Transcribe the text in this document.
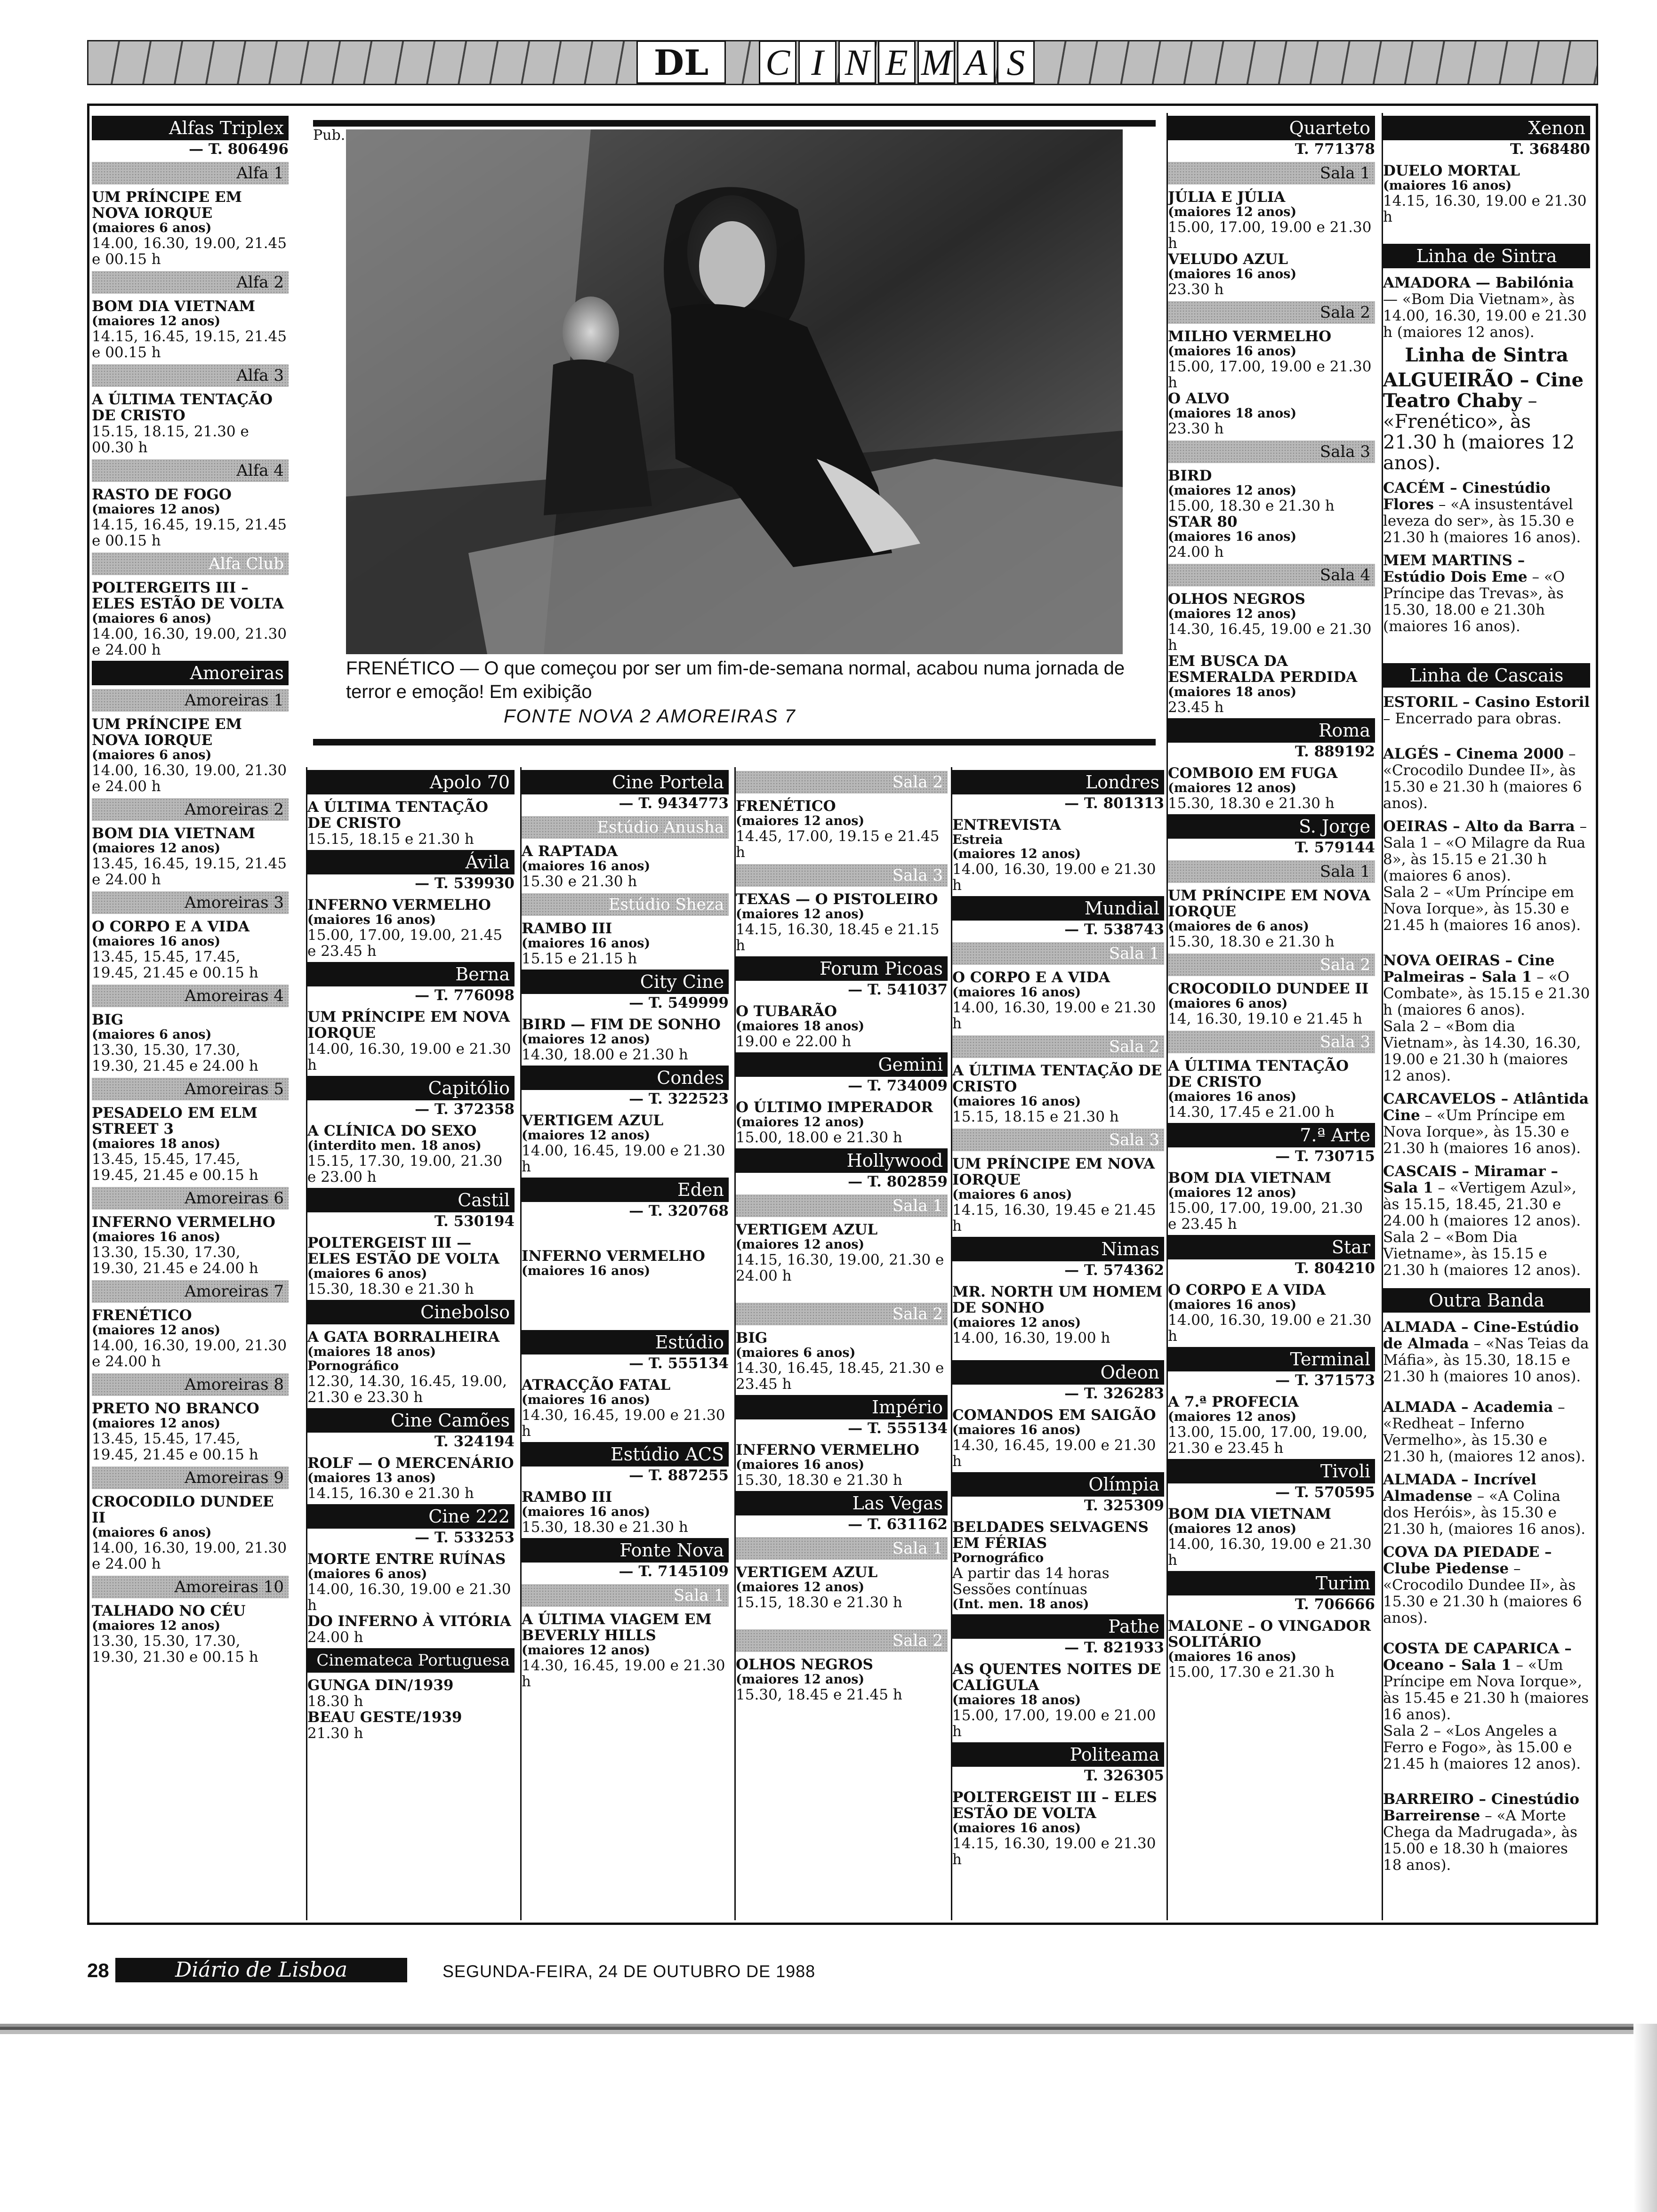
DL	C I N E M A S
Alfas Triplex
— T. 806496
Alfa 1
UM PRÍNCIPE EM NOVA IORQUE
(maiores 6 anos)
14.00, 16.30, 19.00, 21.45 e 00.15 h
Alfa 2
BOM DIA VIETNAM
(maiores 12 anos)
14.15, 16.45, 19.15, 21.45 e 00.15 h
Alfa 3
A ÚLTIMA TENTAÇÃO DE CRISTO
15.15, 18.15, 21.30 e 00.30 h
Alfa 4
RASTO DE FOGO
(maiores 12 anos)
14.15, 16.45, 19.15, 21.45 e 00.15 h
Alfa Club
POLTERGEITS III – ELES ESTÃO DE VOLTA
(maiores 6 anos)
14.00, 16.30, 19.00, 21.30 e 24.00 h
Amoreiras
Amoreiras 1
UM PRÍNCIPE EM NOVA IORQUE
(maiores 6 anos)
14.00, 16.30, 19.00, 21.30 e 24.00 h
Amoreiras 2
BOM DIA VIETNAM
(maiores 12 anos)
13.45, 16.45, 19.15, 21.45 e 24.00 h
Amoreiras 3
O CORPO E A VIDA
(maiores 16 anos)
13.45, 15.45, 17.45, 19.45, 21.45 e 00.15 h
Amoreiras 4
BIG
(maiores 6 anos)
13.30, 15.30, 17.30, 19.30, 21.45 e 24.00 h
Amoreiras 5
PESADELO EM ELM STREET 3
(maiores 18 anos)
13.45, 15.45, 17.45, 19.45, 21.45 e 00.15 h
Amoreiras 6
INFERNO VERMELHO
(maiores 16 anos)
13.30, 15.30, 17.30, 19.30, 21.45 e 24.00 h
Amoreiras 7
FRENÉTICO
(maiores 12 anos)
14.00, 16.30, 19.00, 21.30 e 24.00 h
Amoreiras 8
PRETO NO BRANCO
(maiores 12 anos)
13.45, 15.45, 17.45, 19.45, 21.45 e 00.15 h
Amoreiras 9
CROCODILO DUNDEE II
(maiores 6 anos)
14.00, 16.30, 19.00, 21.30 e 24.00 h
Amoreiras 10
TALHADO NO CÉU
(maiores 12 anos)
13.30, 15.30, 17.30, 19.30, 21.30 e 00.15 h
Pub.
FRENÉTICO — O que começou por ser um fim-de-semana normal, acabou numa jornada de terror e emoção! Em exibição
FONTE NOVA 2 AMOREIRAS 7
Apolo 70
A ÚLTIMA TENTAÇÃO DE CRISTO
15.15, 18.15 e 21.30 h
Ávila
— T. 539930
INFERNO VERMELHO
(maiores 16 anos)
15.00, 17.00, 19.00, 21.45 e 23.45 h
Berna
— T. 776098
UM PRÍNCIPE EM NOVA IORQUE
14.00, 16.30, 19.00 e 21.30 h
Capitólio
— T. 372358
A CLÍNICA DO SEXO
(interdito men. 18 anos)
15.15, 17.30, 19.00, 21.30 e 23.00 h
Castil
T. 530194
POLTERGEIST III — ELES ESTÃO DE VOLTA
(maiores 6 anos)
15.30, 18.30 e 21.30 h
Cinebolso
A GATA BORRALHEIRA
(maiores 18 anos)
Pornográfico
12.30, 14.30, 16.45, 19.00, 21.30 e 23.30 h
Cine Camões
T. 324194
ROLF — O MERCENÁRIO
(maiores 13 anos)
14.15, 16.30 e 21.30 h
Cine 222
— T. 533253
MORTE ENTRE RUÍNAS
(maiores 6 anos)
14.00, 16.30, 19.00 e 21.30 h
DO INFERNO À VITÓRIA
24.00 h
Cinemateca Portuguesa
GUNGA DIN/1939
18.30 h
BEAU GESTE/1939
21.30 h
Cine Portela
— T. 9434773
Estúdio Anusha
A RAPTADA
(maiores 16 anos)
15.30 e 21.30 h
Estúdio Sheza
RAMBO III
(maiores 16 anos)
15.15 e 21.15 h
City Cine
— T. 549999
BIRD — FIM DE SONHO
(maiores 12 anos)
14.30, 18.00 e 21.30 h
Condes
— T. 322523
VERTIGEM AZUL
(maiores 12 anos)
14.00, 16.45, 19.00 e 21.30 h
Eden
— T. 320768
INFERNO VERMELHO
(maiores 16 anos)
Estúdio
— T. 555134
ATRACÇÃO FATAL
(maiores 16 anos)
14.30, 16.45, 19.00 e 21.30 h
Estúdio ACS
— T. 887255
RAMBO III
(maiores 16 anos)
15.30, 18.30 e 21.30 h
Fonte Nova
— T. 7145109
Sala 1
A ÚLTIMA VIAGEM EM BEVERLY HILLS
(maiores 12 anos)
14.30, 16.45, 19.00 e 21.30 h
Sala 2
FRENÉTICO
(maiores 12 anos)
14.45, 17.00, 19.15 e 21.45 h
Sala 3
TEXAS — O PISTOLEIRO
(maiores 12 anos)
14.15, 16.30, 18.45 e 21.15 h
Forum Picoas
— T. 541037
O TUBARÃO
(maiores 18 anos)
19.00 e 22.00 h
Gemini
— T. 734009
O ÚLTIMO IMPERADOR
(maiores 12 anos)
15.00, 18.00 e 21.30 h
Hollywood
— T. 802859
Sala 1
VERTIGEM AZUL
(maiores 12 anos)
14.15, 16.30, 19.00, 21.30 e 24.00 h
Sala 2
BIG
(maiores 6 anos)
14.30, 16.45, 18.45, 21.30 e 23.45 h
Império
— T. 555134
INFERNO VERMELHO
(maiores 16 anos)
15.30, 18.30 e 21.30 h
Las Vegas
— T. 631162
Sala 1
VERTIGEM AZUL
(maiores 12 anos)
15.15, 18.30 e 21.30 h
Sala 2
OLHOS NEGROS
(maiores 12 anos)
15.30, 18.45 e 21.45 h
Londres
— T. 801313
ENTREVISTA
Estreia
(maiores 12 anos)
14.00, 16.30, 19.00 e 21.30 h
Mundial
— T. 538743
Sala 1
O CORPO E A VIDA
(maiores 16 anos)
14.00, 16.30, 19.00 e 21.30 h
Sala 2
A ÚLTIMA TENTAÇÃO DE CRISTO
(maiores 16 anos)
15.15, 18.15 e 21.30 h
Sala 3
UM PRÍNCIPE EM NOVA IORQUE
(maiores 6 anos)
14.15, 16.30, 19.45 e 21.45 h
Nimas
— T. 574362
MR. NORTH UM HOMEM DE SONHO
(maiores 12 anos)
14.00, 16.30, 19.00 h
Odeon
— T. 326283
COMANDOS EM SAIGÃO
(maiores 16 anos)
14.30, 16.45, 19.00 e 21.30 h
Olímpia
T. 325309
BELDADES SELVAGENS EM FÉRIAS
Pornográfico
A partir das 14 horas
Sessões contínuas
(Int. men. 18 anos)
Pathe
— T. 821933
AS QUENTES NOITES DE CALÍGULA
(maiores 18 anos)
15.00, 17.00, 19.00 e 21.00 h
Politeama
T. 326305
POLTERGEIST III – ELES ESTÃO DE VOLTA
(maiores 16 anos)
14.15, 16.30, 19.00 e 21.30 h
Quarteto
T. 771378
Sala 1
JÚLIA E JÚLIA
(maiores 12 anos)
15.00, 17.00, 19.00 e 21.30 h
VELUDO AZUL
(maiores 16 anos)
23.30 h
Sala 2
MILHO VERMELHO
(maiores 16 anos)
15.00, 17.00, 19.00 e 21.30 h
O ALVO
(maiores 18 anos)
23.30 h
Sala 3
BIRD
(maiores 12 anos)
15.00, 18.30 e 21.30 h
STAR 80
(maiores 16 anos)
24.00 h
Sala 4
OLHOS NEGROS
(maiores 12 anos)
14.30, 16.45, 19.00 e 21.30 h
EM BUSCA DA ESMERALDA PERDIDA
(maiores 18 anos)
23.45 h
Roma
T. 889192
COMBOIO EM FUGA
(maiores 12 anos)
15.30, 18.30 e 21.30 h
S. Jorge
T. 579144
Sala 1
UM PRÍNCIPE EM NOVA IORQUE
(maiores de 6 anos)
15.30, 18.30 e 21.30 h
Sala 2
CROCODILO DUNDEE II
(maiores 6 anos)
14, 16.30, 19.10 e 21.45 h
Sala 3
A ÚLTIMA TENTAÇÃO DE CRISTO
(maiores 16 anos)
14.30, 17.45 e 21.00 h
7.ª Arte
— T. 730715
BOM DIA VIETNAM
(maiores 12 anos)
15.00, 17.00, 19.00, 21.30 e 23.45 h
Star
T. 804210
O CORPO E A VIDA
(maiores 16 anos)
14.00, 16.30, 19.00 e 21.30 h
Terminal
— T. 371573
A 7.ª PROFECIA
(maiores 12 anos)
13.00, 15.00, 17.00, 19.00, 21.30 e 23.45 h
Tivoli
— T. 570595
BOM DIA VIETNAM
(maiores 12 anos)
14.00, 16.30, 19.00 e 21.30 h
Turim
T. 706666
MALONE – O VINGADOR SOLITÁRIO
(maiores 16 anos)
15.00, 17.30 e 21.30 h
Xenon
T. 368480
DUELO MORTAL
(maiores 16 anos)
14.15, 16.30, 19.00 e 21.30 h
Linha de Sintra
AMADORA — Babilónia — «Bom Dia Vietnam», às 14.00, 16.30, 19.00 e 21.30 h (maiores 12 anos).
Linha de Sintra
ALGUEIRÃO – Cine Teatro Chaby – «Frenético», às 21.30 h (maiores 12 anos).
CACÉM – Cinestúdio Flores – «A insustentável leveza do ser», às 15.30 e 21.30 h (maiores 16 anos).
MEM MARTINS – Estúdio Dois Eme – «O Príncipe das Trevas», às 15.30, 18.00 e 21.30h (maiores 16 anos).
Linha de Cascais
ESTORIL – Casino Estoril – Encerrado para obras.
ALGÉS – Cinema 2000 – «Crocodilo Dundee II», às 15.30 e 21.30 h (maiores 6 anos).
OEIRAS – Alto da Barra – Sala 1 – «O Milagre da Rua 8», às 15.15 e 21.30 h (maiores 6 anos).
Sala 2 – «Um Príncipe em Nova Iorque», às 15.30 e 21.45 h (maiores 16 anos).
NOVA OEIRAS – Cine Palmeiras – Sala 1 – «O Combate», às 15.15 e 21.30 h (maiores 6 anos).
Sala 2 – «Bom dia Vietnam», às 14.30, 16.30, 19.00 e 21.30 h (maiores 12 anos).
CARCAVELOS – Atlântida Cine – «Um Príncipe em Nova Iorque», às 15.30 e 21.30 h (maiores 16 anos).
CASCAIS – Miramar – Sala 1 – «Vertigem Azul», às 15.15, 18.45, 21.30 e 24.00 h (maiores 12 anos).
Sala 2 – «Bom Dia Vietname», às 15.15 e 21.30 h (maiores 12 anos).
Outra Banda
ALMADA – Cine-Estúdio de Almada – «Nas Teias da Máfia», às 15.30, 18.15 e 21.30 h (maiores 10 anos).
ALMADA – Academia – «Redheat – Inferno Vermelho», às 15.30 e 21.30 h, (maiores 12 anos).
ALMADA – Incrível Almadense – «A Colina dos Heróis», às 15.30 e 21.30 h, (maiores 16 anos).
COVA DA PIEDADE – Clube Piedense – «Crocodilo Dundee II», às 15.30 e 21.30 h (maiores 6 anos).
COSTA DE CAPARICA – Oceano – Sala 1 – «Um Príncipe em Nova Iorque», às 15.45 e 21.30 h (maiores 16 anos).
Sala 2 – «Los Angeles a Ferro e Fogo», às 15.00 e 21.45 h (maiores 12 anos).
BARREIRO – Cinestúdio Barreirense – «A Morte Chega da Madrugada», às 15.00 e 18.30 h (maiores 18 anos).
28	Diário de Lisboa	SEGUNDA-FEIRA, 24 DE OUTUBRO DE 1988
